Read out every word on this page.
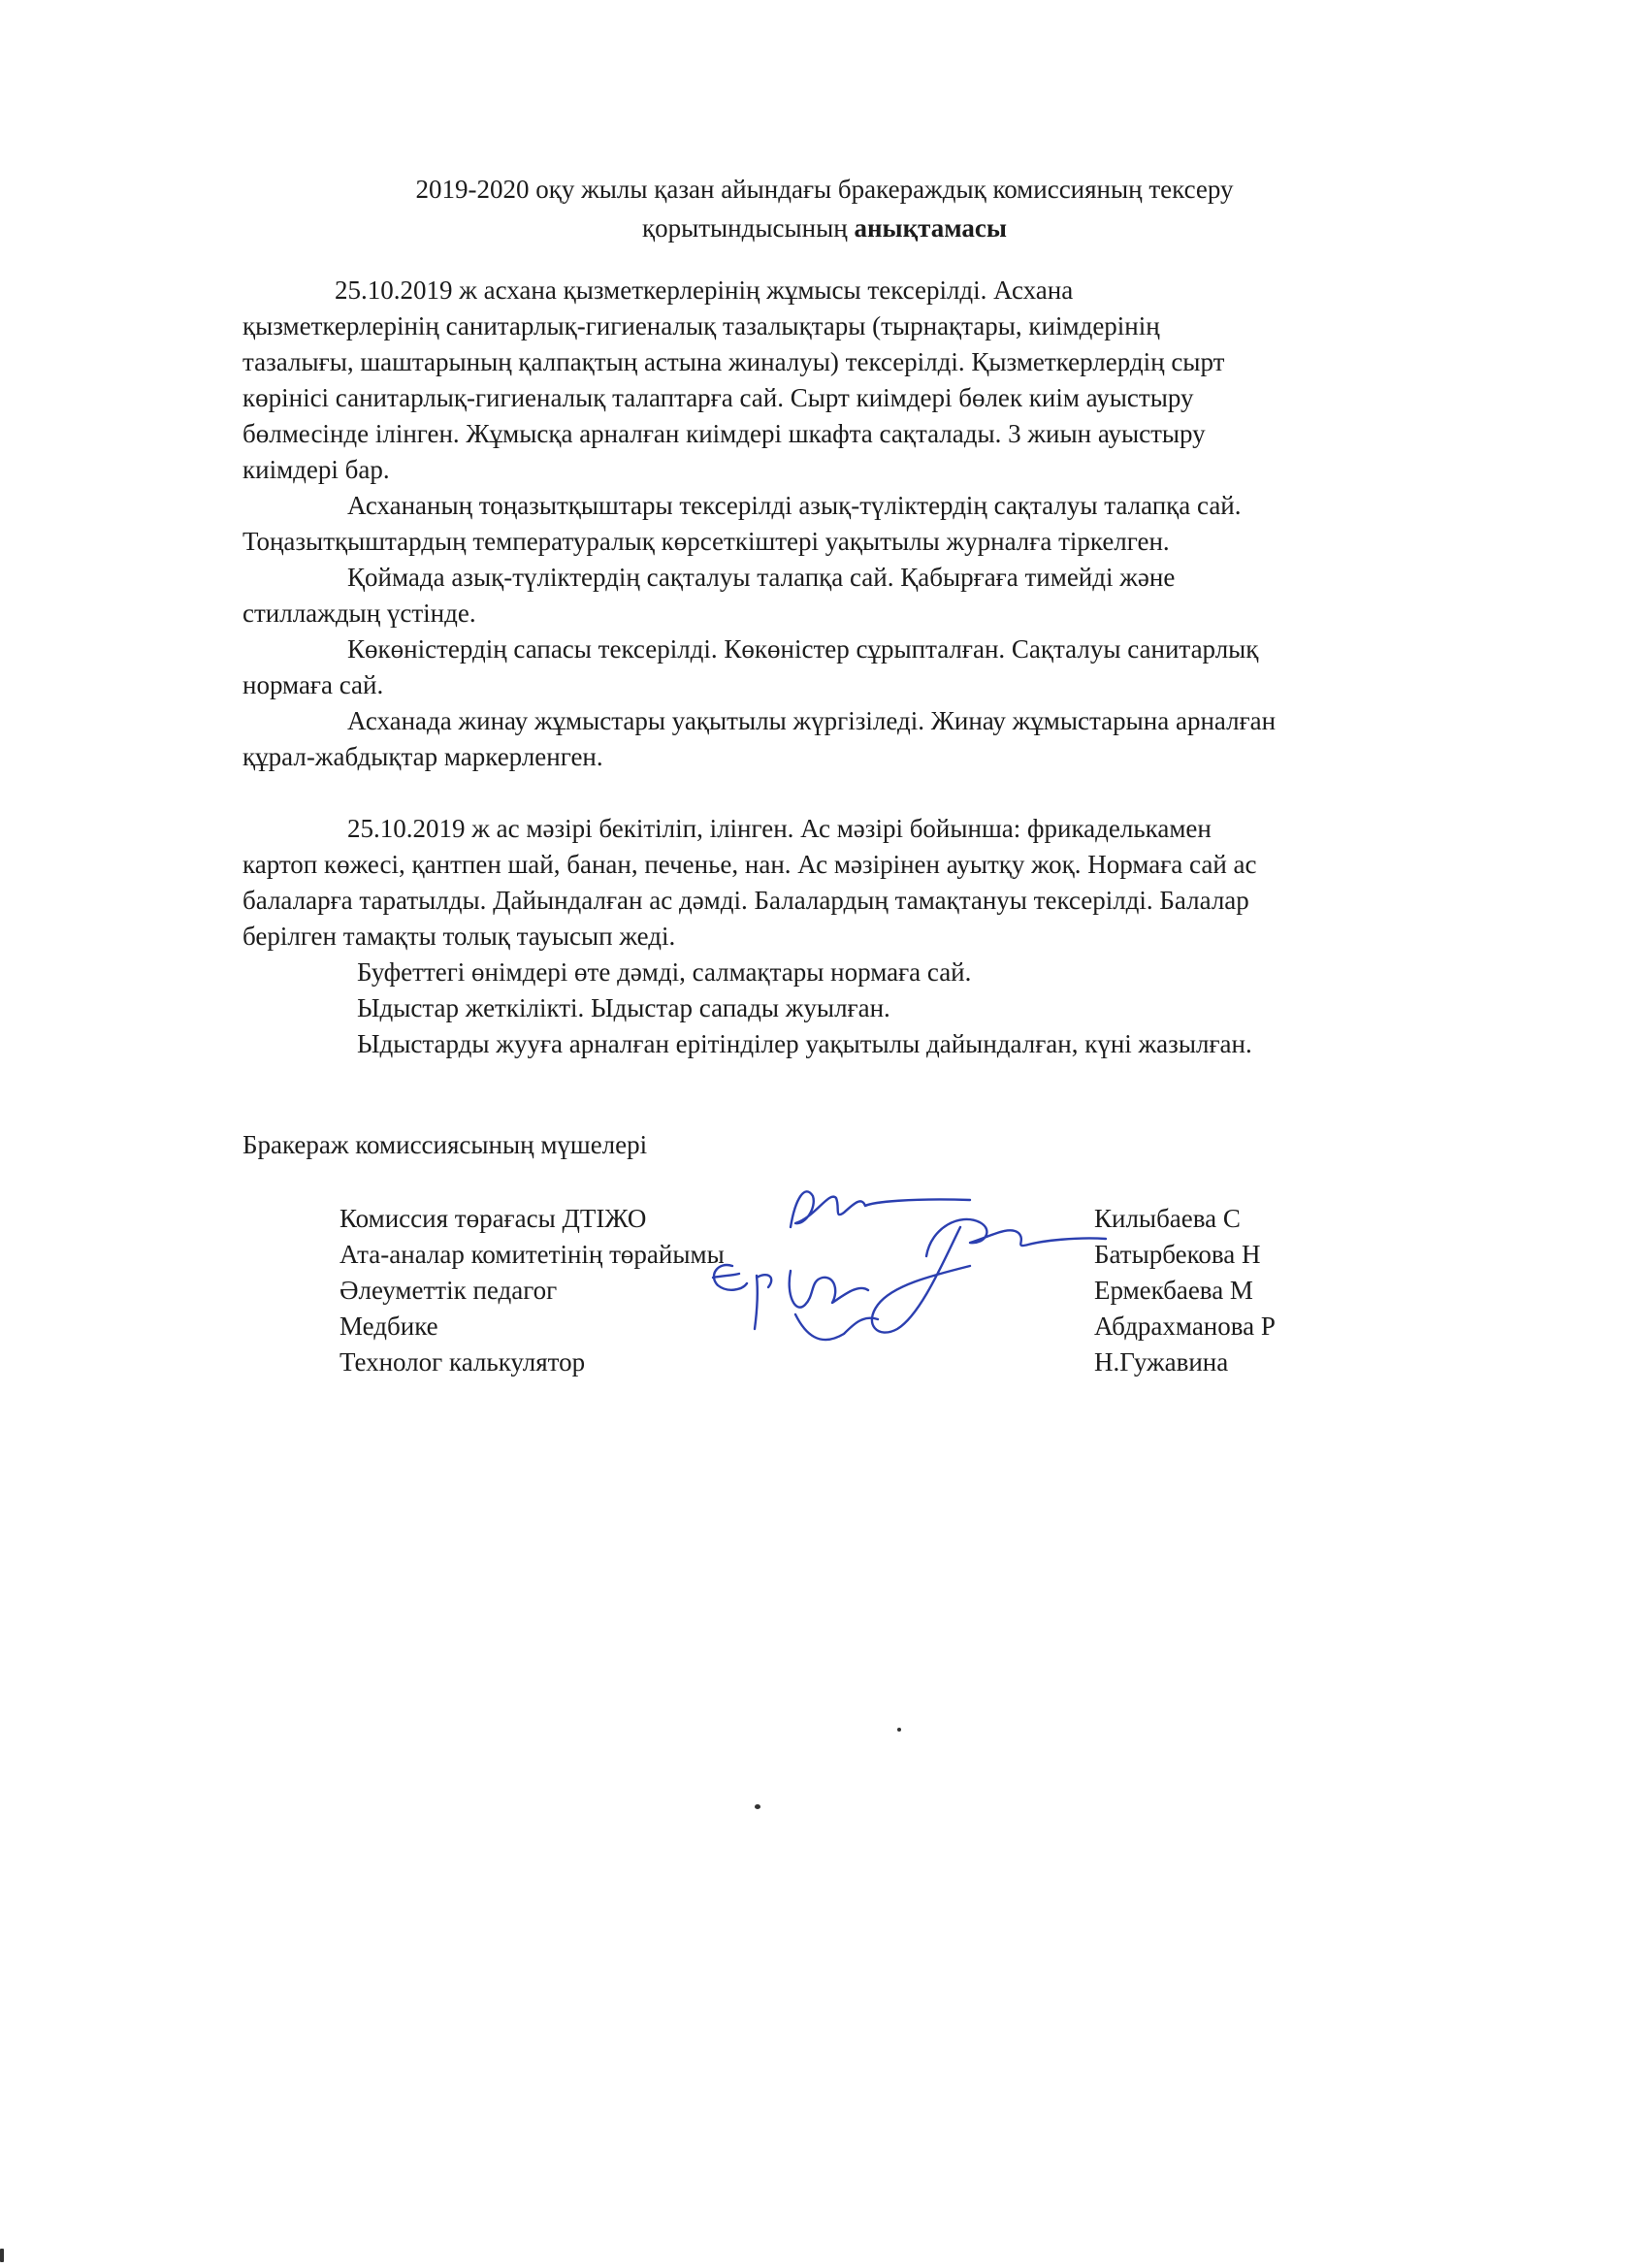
2019-2020 оқу жылы қазан айындағы бракераждық комиссияның тексеру
қорытындысының анықтамасы
25.10.2019 ж асхана қызметкерлерінің жұмысы тексерілді. Асхана
қызметкерлерінің санитарлық-гигиеналық тазалықтары (тырнақтары, киімдерінің
тазалығы, шаштарының қалпақтың астына жиналуы) тексерілді. Қызметкерлердің сырт
көрінісі санитарлық-гигиеналық талаптарға сай. Сырт киімдері бөлек киім ауыстыру
бөлмесінде ілінген. Жұмысқа арналған киімдері шкафта сақталады. 3 жиын ауыстыру
киімдері бар.
Асхананың тоңазытқыштары тексерілді азық-түліктердің сақталуы талапқа сай.
Тоңазытқыштардың температуралық көрсеткіштері уақытылы журналға тіркелген.
Қоймада азық-түліктердің сақталуы талапқа сай. Қабырғаға тимейді және
стиллаждың үстінде.
Көкөністердің сапасы тексерілді. Көкөністер сұрыпталған. Сақталуы санитарлық
нормаға сай.
Асханада жинау жұмыстары уақытылы жүргізіледі. Жинау жұмыстарына арналған
құрал-жабдықтар маркерленген.
25.10.2019 ж ас мәзірі бекітіліп, ілінген. Ас мәзірі бойынша: фрикаделькамен
картоп көжесі, қантпен шай, банан, печенье, нан. Ас мәзірінен ауытқу жоқ. Нормаға сай ас
балаларға таратылды. Дайындалған ас дәмді. Балалардың тамақтануы тексерілді. Балалар
берілген тамақты толық тауысып жеді.
Буфеттегі өнімдері өте дәмді, салмақтары нормаға сай.
Ыдыстар жеткілікті. Ыдыстар сапады жуылған.
Ыдыстарды жууға арналған ерітінділер уақытылы дайындалған, күні жазылған.
Бракераж комиссиясының мүшелері
Комиссия төрағасы ДТІЖО
Ата-аналар комитетінің төрайымы
Әлеуметтік педагог
Медбике
Технолог калькулятор
Килыбаева С
Батырбекова Н
Ермекбаева М
Абдрахманова Р
Н.Гужавина
